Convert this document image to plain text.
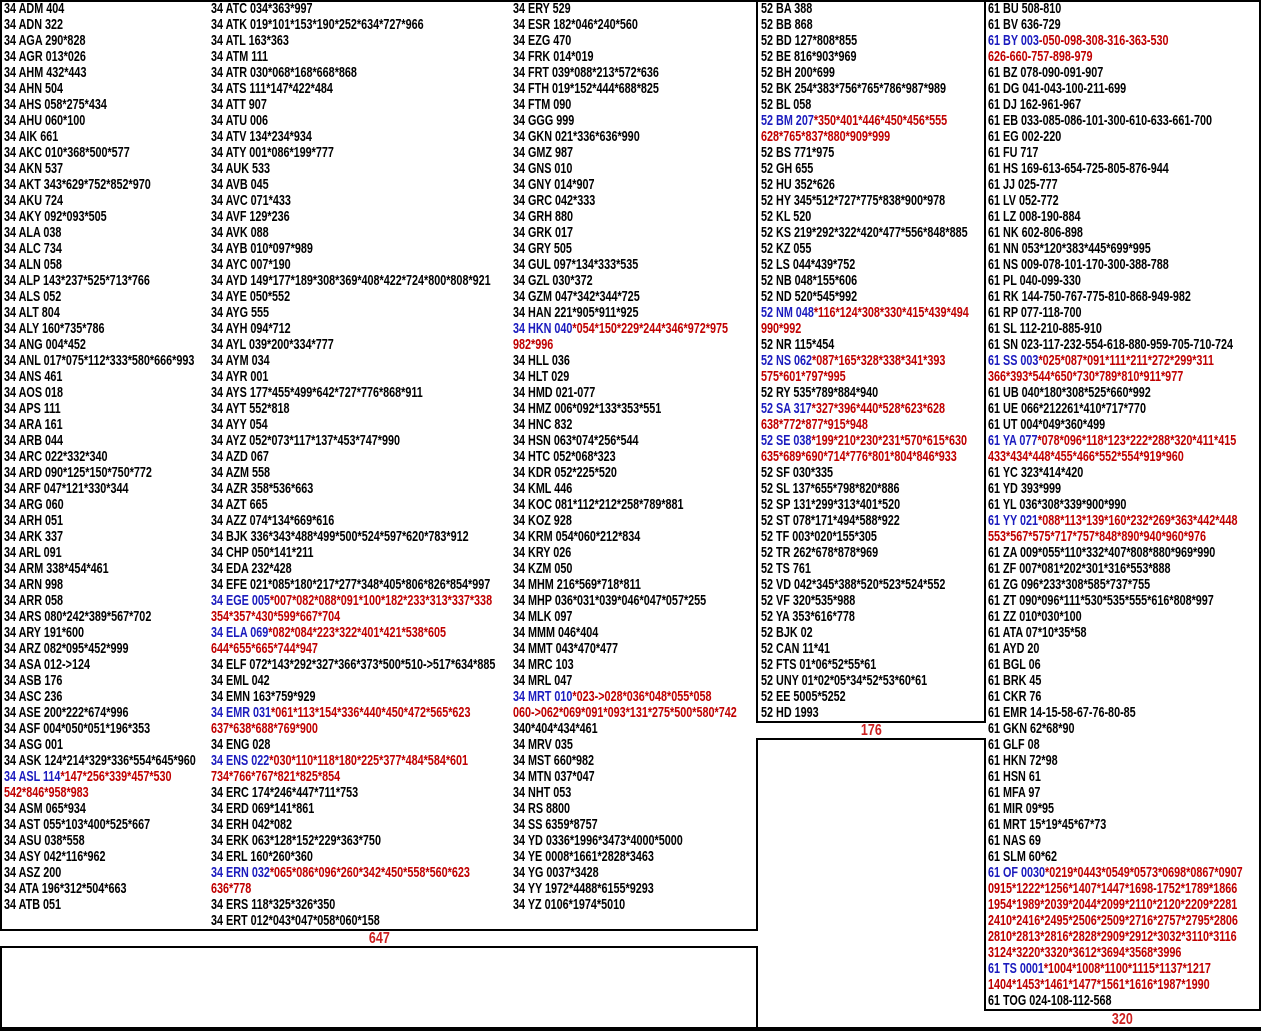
34 ADM 404
34 ADN 322
34 AGA 290*828
34 AGR 013*026
34 AHM 432*443
34 AHN 504
34 AHS 058*275*434
34 AHU 060*100
34 AIK 661
34 AKC 010*368*500*577
34 AKN 537
34 AKT 343*629*752*852*970
34 AKU 724
34 AKY 092*093*505
34 ALA 038
34 ALC 734
34 ALN 058
34 ALP 143*237*525*713*766
34 ALS 052
34 ALT 804
34 ALY 160*735*786
34 ANG 004*452
34 ANL 017*075*112*333*580*666*993
34 ANS 461
34 AOS 018
34 APS 111
34 ARA 161
34 ARB 044
34 ARC 022*332*340
34 ARD 090*125*150*750*772
34 ARF 047*121*330*344
34 ARG 060
34 ARH 051
34 ARK 337
34 ARL 091
34 ARM 338*454*461
34 ARN 998
34 ARR 058
34 ARS 080*242*389*567*702
34 ARY 191*600
34 ARZ 082*095*452*999
34 ASA 012->124
34 ASB 176
34 ASC 236
34 ASE 200*222*674*996
34 ASF 004*050*051*196*353
34 ASG 001
34 ASK 124*214*329*336*554*645*960
34 ASL 114*147*256*339*457*530
542*846*958*983
34 ASM 065*934
34 AST 055*103*400*525*667
34 ASU 038*558
34 ASY 042*116*962
34 ASZ 200
34 ATA 196*312*504*663
34 ATB 051
34 ATC 034*363*997
34 ATK 019*101*153*190*252*634*727*966
34 ATL 163*363
34 ATM 111
34 ATR 030*068*168*668*868
34 ATS 111*147*422*484
34 ATT 907
34 ATU 006
34 ATV 134*234*934
34 ATY 001*086*199*777
34 AUK 533
34 AVB 045
34 AVC 071*433
34 AVF 129*236
34 AVK 088
34 AYB 010*097*989
34 AYC 007*190
34 AYD 149*177*189*308*369*408*422*724*800*808*921
34 AYE 050*552
34 AYG 555
34 AYH 094*712
34 AYL 039*200*334*777
34 AYM 034
34 AYR 001
34 AYS 177*455*499*642*727*776*868*911
34 AYT 552*818
34 AYY 054
34 AYZ 052*073*117*137*453*747*990
34 AZD 067
34 AZM 558
34 AZR 358*536*663
34 AZT 665
34 AZZ 074*134*669*616
34 BJK 336*343*488*499*500*524*597*620*783*912
34 CHP 050*141*211
34 EDA 232*428
34 EFE 021*085*180*217*277*348*405*806*826*854*997
34 EGE 005*007*082*088*091*100*182*233*313*337*338
354*357*430*599*667*704
34 ELA 069*082*084*223*322*401*421*538*605
644*655*665*744*947
34 ELF 072*143*292*327*366*373*500*510->517*634*885
34 EML 042
34 EMN 163*759*929
34 EMR 031*061*113*154*336*440*450*472*565*623
637*638*688*769*900
34 ENG 028
34 ENS 022*030*110*118*180*225*377*484*584*601
734*766*767*821*825*854
34 ERC 174*246*447*711*753
34 ERD 069*141*861
34 ERH 042*082
34 ERK 063*128*152*229*363*750
34 ERL 160*260*360
34 ERN 032*065*086*096*260*342*450*558*560*623
636*778
34 ERS 118*325*326*350
34 ERT 012*043*047*058*060*158
34 ERY 529
34 ESR 182*046*240*560
34 EZG 470
34 FRK 014*019
34 FRT 039*088*213*572*636
34 FTH 019*152*444*688*825
34 FTM 090
34 GGG 999
34 GKN 021*336*636*990
34 GMZ 987
34 GNS 010
34 GNY 014*907
34 GRC 042*333
34 GRH 880
34 GRK 017
34 GRY 505
34 GUL 097*134*333*535
34 GZL 030*372
34 GZM 047*342*344*725
34 HAN 221*905*911*925
34 HKN 040*054*150*229*244*346*972*975
982*996
34 HLL 036
34 HLT 029
34 HMD 021-077
34 HMZ 006*092*133*353*551
34 HNC 832
34 HSN 063*074*256*544
34 HTC 052*068*323
34 KDR 052*225*520
34 KML 446
34 KOC 081*112*212*258*789*881
34 KOZ 928
34 KRM 054*060*212*834
34 KRY 026
34 KZM 050
34 MHM 216*569*718*811
34 MHP 036*031*039*046*047*057*255
34 MLK 097
34 MMM 046*404
34 MMT 043*470*477
34 MRC 103
34 MRL 047
34 MRT 010*023->028*036*048*055*058
060->062*069*091*093*131*275*500*580*742
340*404*434*461
34 MRV 035
34 MST 660*982
34 MTN 037*047
34 NHT 053
34 RS 8800
34 SS 6359*8757
34 YD 0336*1996*3473*4000*5000
34 YE 0008*1661*2828*3463
34 YG 0037*3428
34 YY 1972*4488*6155*9293
34 YZ 0106*1974*5010
52 BA 388
52 BB 868
52 BD 127*808*855
52 BE 816*903*969
52 BH 200*699
52 BK 254*383*756*765*786*987*989
52 BL 058
52 BM 207*350*401*446*450*456*555
628*765*837*880*909*999
52 BS 771*975
52 GH 655
52 HU 352*626
52 HY 345*512*727*775*838*900*978
52 KL 520
52 KS 219*292*322*420*477*556*848*885
52 KZ 055
52 LS 044*439*752
52 NB 048*155*606
52 ND 520*545*992
52 NM 048*116*124*308*330*415*439*494
990*992
52 NR 115*454
52 NS 062*087*165*328*338*341*393
575*601*797*995
52 RY 535*789*884*940
52 SA 317*327*396*440*528*623*628
638*772*877*915*948
52 SE 038*199*210*230*231*570*615*630
635*689*690*714*776*801*804*846*933
52 SF 030*335
52 SL 137*655*798*820*886
52 SP 131*299*313*401*520
52 ST 078*171*494*588*922
52 TF 003*020*155*305
52 TR 262*678*878*969
52 TS 761
52 VD 042*345*388*520*523*524*552
52 VF 320*535*988
52 YA 353*616*778
52 BJK 02
52 CAN 11*41
52 FTS 01*06*52*55*61
52 UNY 01*02*05*34*52*53*60*61
52 EE 5005*5252
52 HD 1993
61 BU 508-810
61 BV 636-729
61 BY 003-050-098-308-316-363-530
626-660-757-898-979
61 BZ 078-090-091-907
61 DG 041-043-100-211-699
61 DJ 162-961-967
61 EB 033-085-086-101-300-610-633-661-700
61 EG 002-220
61 FU 717
61 HS 169-613-654-725-805-876-944
61 JJ 025-777
61 LV 052-772
61 LZ 008-190-884
61 NK 602-806-898
61 NN 053*120*383*445*699*995
61 NS 009-078-101-170-300-388-788
61 PL 040-099-330
61 RK 144-750-767-775-810-868-949-982
61 RP 077-118-700
61 SL 112-210-885-910
61 SN 023-117-232-554-618-880-959-705-710-724
61 SS 003*025*087*091*111*211*272*299*311
366*393*544*650*730*789*810*911*977
61 UB 040*180*308*525*660*992
61 UE 066*212261*410*717*770
61 UT 004*049*360*499
61 YA 077*078*096*118*123*222*288*320*411*415
433*434*448*455*466*552*554*919*960
61 YC 323*414*420
61 YD 393*999
61 YL 036*308*339*900*990
61 YY 021*088*113*139*160*232*269*363*442*448
553*567*575*717*757*848*890*940*960*976
61 ZA 009*055*110*332*407*808*880*969*990
61 ZF 007*081*202*301*316*553*888
61 ZG 096*233*308*585*737*755
61 ZT 090*096*111*530*535*555*616*808*997
61 ZZ 010*030*100
61 ATA 07*10*35*58
61 AYD 20
61 BGL 06
61 BRK 45
61 CKR 76
61 EMR 14-15-58-67-76-80-85
61 GKN 62*68*90
61 GLF 08
61 HKN 72*98
61 HSN 61
61 MFA 97
61 MIR 09*95
61 MRT 15*19*45*67*73
61 NAS 69
61 SLM 60*62
61 OF 0030*0219*0443*0549*0573*0698*0867*0907
0915*1222*1256*1407*1447*1698-1752*1789*1866
1954*1989*2039*2044*2099*2110*2120*2209*2281
2410*2416*2495*2506*2509*2716*2757*2795*2806
2810*2813*2816*2828*2909*2912*3032*3110*3116
3124*3220*3320*3612*3694*3568*3996
61 TS 0001*1004*1008*1100*1115*1137*1217
1404*1453*1461*1477*1561*1616*1987*1990
61 TOG 024-108-112-568
647
176
320
